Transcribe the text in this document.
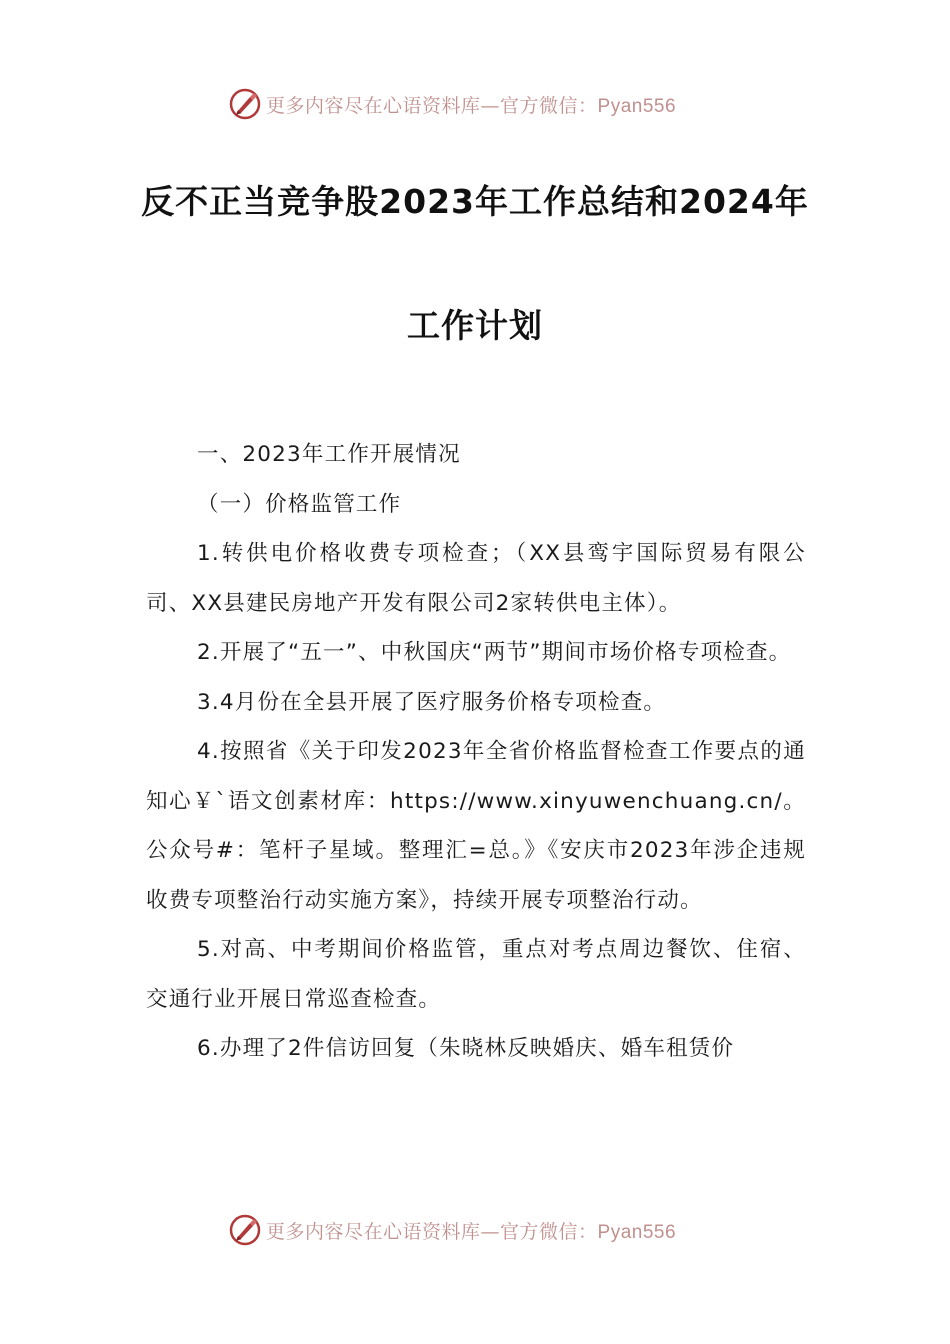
更多内容尽在心语资料库—官方微信：Pyan556
反不正当竞争股2023年工作总结和2024年
工作计划
一、2023年工作开展情况
（一）价格监管工作
1.转供电价格收费专项检查；（XX县鸾宇国际贸易有限公司、XX县建民房地产开发有限公司2家转供电主体）。
2.开展了“五一”、中秋国庆“两节”期间市场价格专项检查。
3.4月份在全县开展了医疗服务价格专项检查。
4.按照省《关于印发2023年全省价格监督检查工作要点的通知心￥`语文创素材库：https://www.xinyuwenchuang.cn/。公众号#：笔杆子星域。整理汇=总。》《安庆市2023年涉企违规收费专项整治行动实施方案》，持续开展专项整治行动。
5.对高、中考期间价格监管，重点对考点周边餐饮、住宿、交通行业开展日常巡查检查。
6.办理了2件信访回复（朱晓林反映婚庆、婚车租赁价
更多内容尽在心语资料库—官方微信：Pyan556
